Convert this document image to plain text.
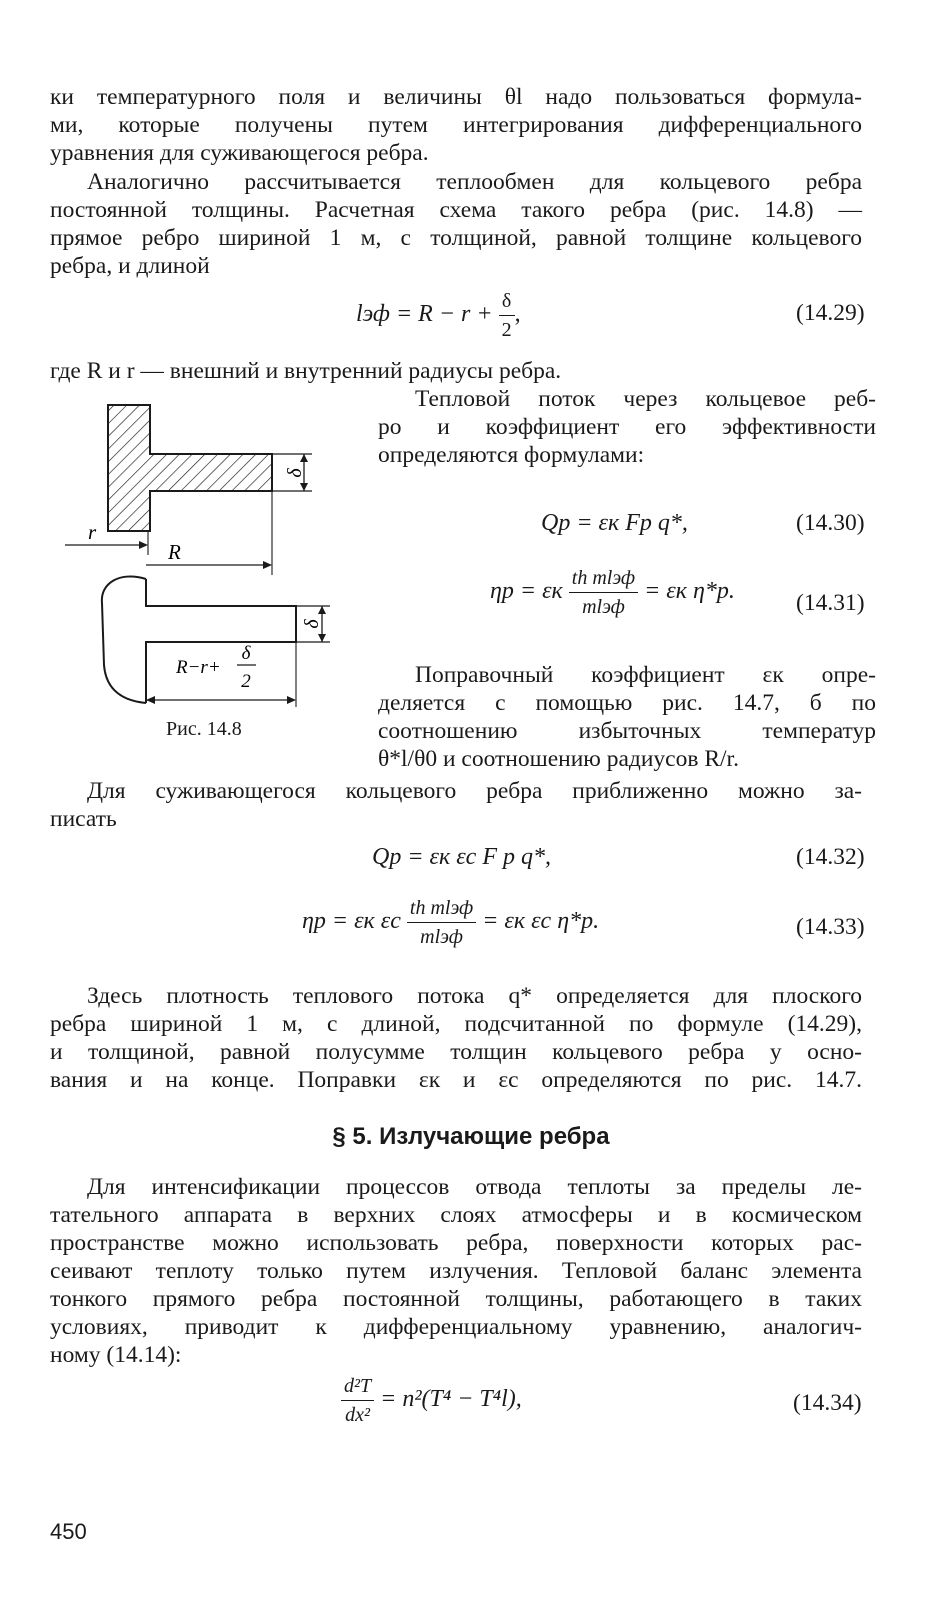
ки температурного поля и величины θl надо пользоваться формула-
ми, которые получены путем интегрирования дифференциального
уравнения для суживающегося ребра.
Аналогично рассчитывается теплообмен для кольцевого ребра
постоянной толщины. Расчетная схема такого ребра (рис. 14.8) —
прямое ребро шириной 1 м, с толщиной, равной толщине кольцевого
ребра, и длиной
lэф = $R - r + \frac{\delta}{2}$ ,	(14.29)
где R и r — внешний и внутренний радиусы ребра.
δ
r
R
δ
R−r+
δ
2
Рис. 14.8
Тепловой поток через кольцевое реб-
ро и коэффициент его эффективности
определяются формулами:
Qр = εк Fр q*,	(14.30)
ηр = εк $\frac{\text{th mlэф}}{\text{mlэф}} = \varepsilon к$ η*р.	(14.31)
Поправочный коэффициент εк опре-
деляется с помощью рис. 14.7, б по
соотношению избыточных температур
θ*l/θ0 и соотношению радиусов R/r.
Для суживающегося кольцевого ребра приближенно можно за-
писать
Qр = εк εс F р q*,	(14.32)
ηр = εк εс $\frac{\text{th mlэф}}{\text{mlэф}} = \varepsilon к$ εс η*р.	(14.33)
Здесь плотность теплового потока q* определяется для плоского
ребра шириной 1 м, с длиной, подсчитанной по формуле (14.29),
и толщиной, равной полусумме толщин кольцевого ребра у осно-
вания и на конце. Поправки εк и εс определяются по рис. 14.7.
§ 5. Излучающие ребра
Для интенсификации процессов отвода теплоты за пределы ле-
тательного аппарата в верхних слоях атмосферы и в космическом
пространстве можно использовать ребра, поверхности которых рас-
сеивают теплоту только путем излучения. Тепловой баланс элемента
тонкого прямого ребра постоянной толщины, работающего в таких
условиях, приводит к дифференциальному уравнению, аналогич-
ному (14.14):
$\frac{\text{d²T}}{\text{dx²}} = n^2(T^4 - T^4l)$,	(14.34)
450
